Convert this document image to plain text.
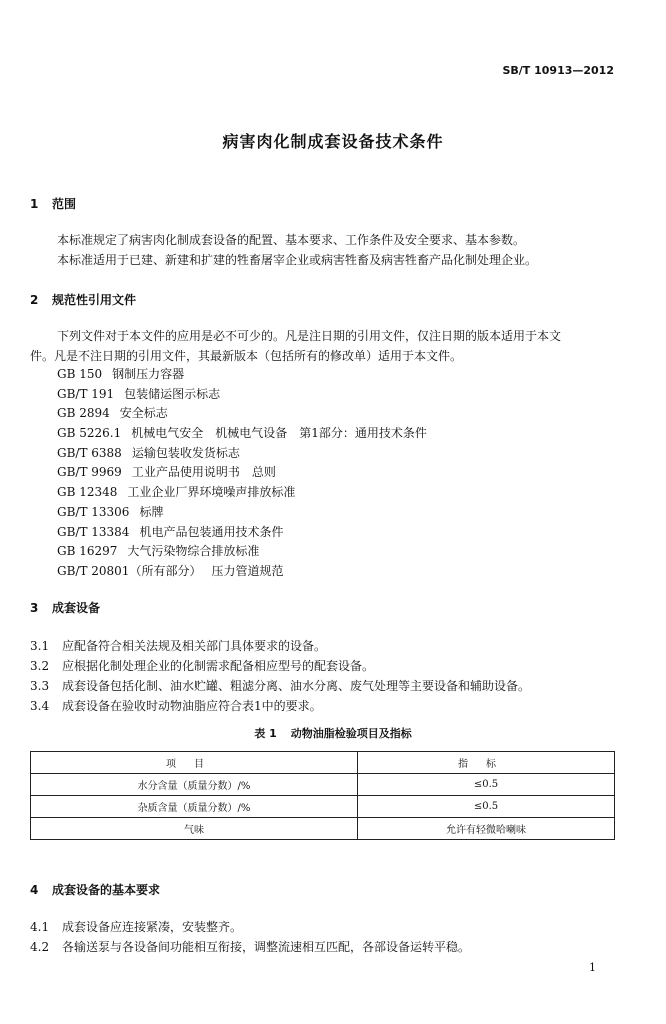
SB/T 10913—2012
病害肉化制成套设备技术条件
1 范围
本标准规定了病害肉化制成套设备的配置、基本要求、工作条件及安全要求、基本参数。
本标准适用于已建、新建和扩建的牲畜屠宰企业或病害牲畜及病害牲畜产品化制处理企业。
2 规范性引用文件
下列文件对于本文件的应用是必不可少的。凡是注日期的引用文件，仅注日期的版本适用于本文
件。凡是不注日期的引用文件，其最新版本（包括所有的修改单）适用于本文件。
GB 150 钢制压力容器
GB/T 191 包装储运图示标志
GB 2894 安全标志
GB 5226.1 机械电气安全　机械电气设备　第1部分：通用技术条件
GB/T 6388 运输包装收发货标志
GB/T 9969 工业产品使用说明书　总则
GB 12348 工业企业厂界环境噪声排放标准
GB/T 13306 标牌
GB/T 13384 机电产品包装通用技术条件
GB 16297 大气污染物综合排放标准
GB/T 20801（所有部分） 压力管道规范
3 成套设备
3.1 应配备符合相关法规及相关部门具体要求的设备。
3.2 应根据化制处理企业的化制需求配备相应型号的配套设备。
3.3 成套设备包括化制、油水贮罐、粗滤分离、油水分离、废气处理等主要设备和辅助设备。
3.4 成套设备在验收时动物油脂应符合表1中的要求。
表 1 动物油脂检验项目及指标
项目	指标
水分含量（质量分数）/%	≤0.5
杂质含量（质量分数）/%	≤0.5
气味	允许有轻微哈喇味
4 成套设备的基本要求
4.1 成套设备应连接紧凑，安装整齐。
4.2 各输送泵与各设备间功能相互衔接，调整流速相互匹配，各部设备运转平稳。
1
